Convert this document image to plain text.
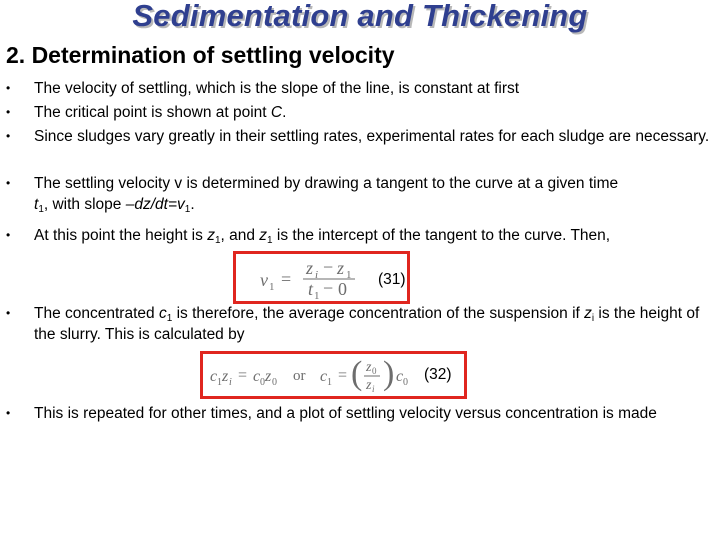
Sedimentation and Thickening
2. Determination of settling velocity
• The velocity of settling, which is the slope of the line, is constant at first
• The critical point is shown at point C.
• Since sludges vary greatly in their settling rates, experimental rates for each sludge are necessary.
• The settling velocity v is determined by drawing a tangent to the curve at a given time
$t_1$, with slope $-dz/dt=v_1$.
• At this point the height is $z_1$, and $z_1$ is the intercept of the tangent to the curve. Then,
v 1 =
z i − z 1
t 1 − 0 (31)
• The concentrated $c_1$ is therefore, the average concentration of the suspension if $z_i$ is the height of the slurry. This is calculated by
c 1 z i = c 0 z 0 or c 1 = ( z 0
z i ) c 0 (32)
• This is repeated for other times, and a plot of settling velocity versus concentration is made
